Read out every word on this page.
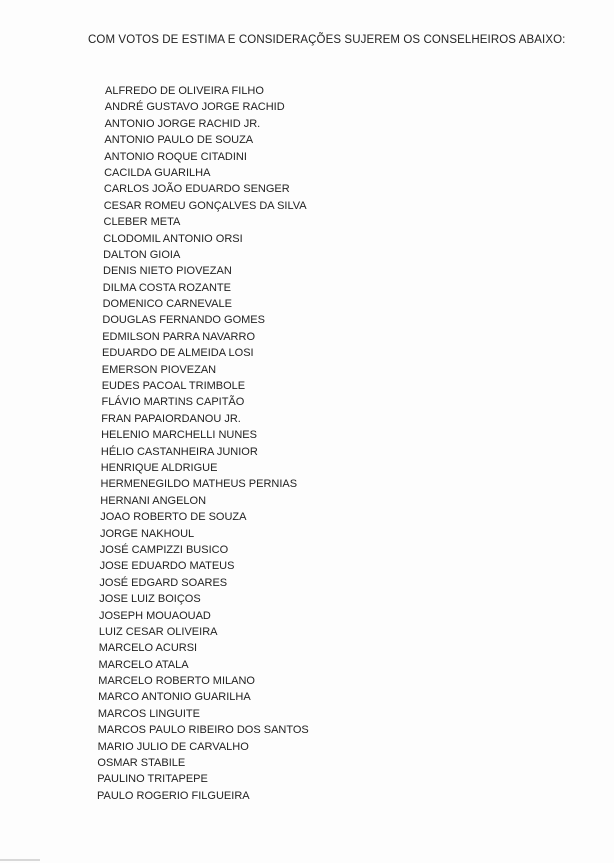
COM VOTOS DE ESTIMA E CONSIDERAÇÕES SUJEREM OS CONSELHEIROS ABAIXO:
ALFREDO DE OLIVEIRA FILHO
ANDRÉ GUSTAVO JORGE RACHID
ANTONIO JORGE RACHID JR.
ANTONIO PAULO DE SOUZA
ANTONIO ROQUE CITADINI
CACILDA GUARILHA
CARLOS JOÃO EDUARDO SENGER
CESAR ROMEU GONÇALVES DA SILVA
CLEBER META
CLODOMIL ANTONIO ORSI
DALTON GIOIA
DENIS NIETO PIOVEZAN
DILMA COSTA ROZANTE
DOMENICO CARNEVALE
DOUGLAS FERNANDO GOMES
EDMILSON PARRA NAVARRO
EDUARDO DE ALMEIDA LOSI
EMERSON PIOVEZAN
EUDES PACOAL TRIMBOLE
FLÁVIO MARTINS CAPITÃO
FRAN PAPAIORDANOU JR.
HELENIO MARCHELLI NUNES
HÉLIO CASTANHEIRA JUNIOR
HENRIQUE ALDRIGUE
HERMENEGILDO MATHEUS PERNIAS
HERNANI ANGELON
JOAO ROBERTO DE SOUZA
JORGE NAKHOUL
JOSÉ CAMPIZZI BUSICO
JOSE EDUARDO MATEUS
JOSÉ EDGARD SOARES
JOSE LUIZ BOIÇOS
JOSEPH MOUAOUAD
LUIZ CESAR OLIVEIRA
MARCELO ACURSI
MARCELO ATALA
MARCELO ROBERTO MILANO
MARCO ANTONIO GUARILHA
MARCOS LINGUITE
MARCOS PAULO RIBEIRO DOS SANTOS
MARIO JULIO DE CARVALHO
OSMAR STABILE
PAULINO TRITAPEPE
PAULO ROGERIO FILGUEIRA
